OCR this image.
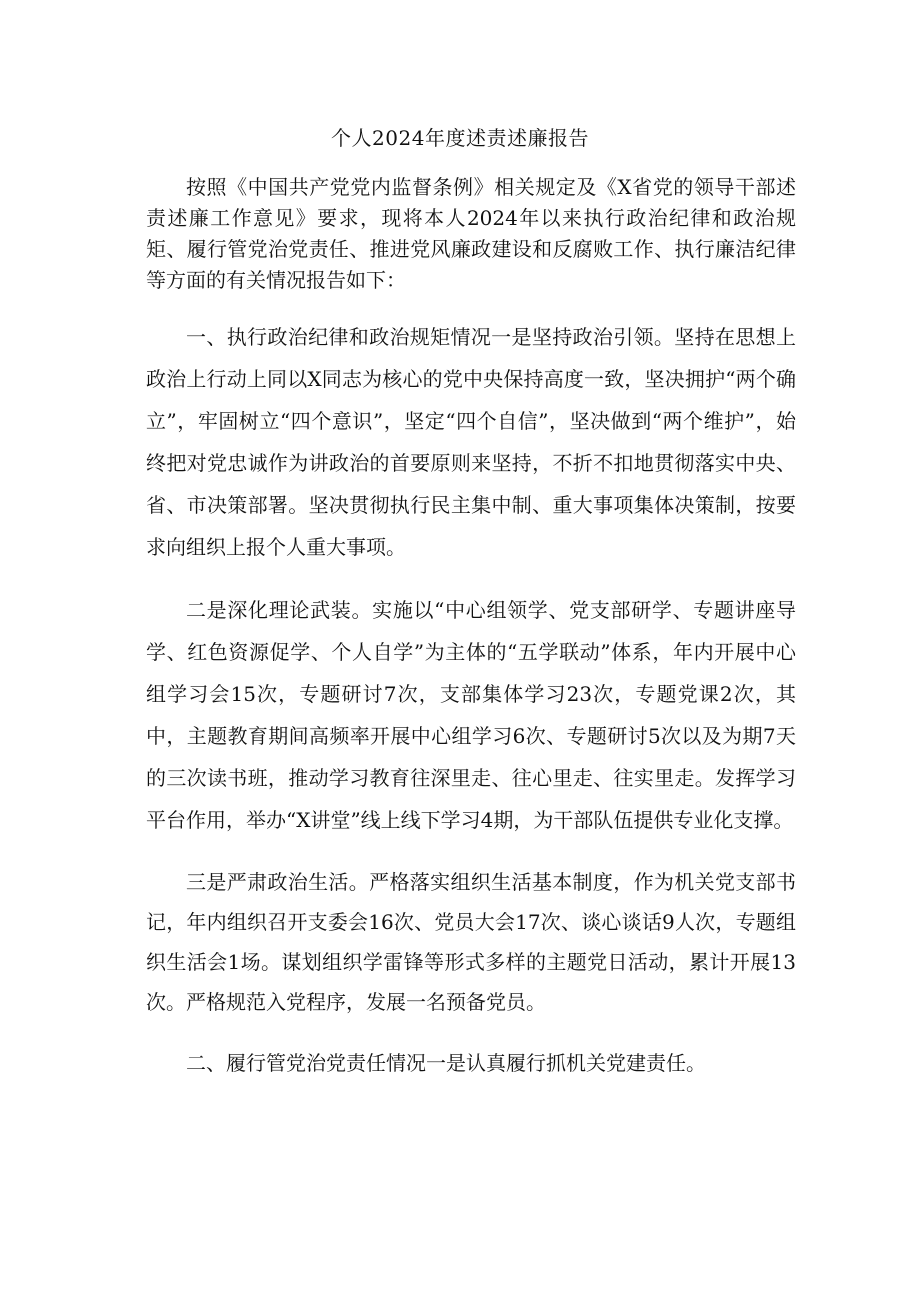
个人2024年度述责述廉报告

按照《中国共产党党内监督条例》相关规定及《X省党的领导干部述责述廉工作意见》要求，现将本人2024年以来执行政治纪律和政治规矩、履行管党治党责任、推进党风廉政建设和反腐败工作、执行廉洁纪律等方面的有关情况报告如下：

一、执行政治纪律和政治规矩情况一是坚持政治引领。坚持在思想上政治上行动上同以X同志为核心的党中央保持高度一致，坚决拥护“两个确立”，牢固树立“四个意识”，坚定“四个自信”，坚决做到“两个维护”，始终把对党忠诚作为讲政治的首要原则来坚持，不折不扣地贯彻落实中央、省、市决策部署。坚决贯彻执行民主集中制、重大事项集体决策制，按要求向组织上报个人重大事项。

二是深化理论武装。实施以“中心组领学、党支部研学、专题讲座导学、红色资源促学、个人自学”为主体的“五学联动”体系，年内开展中心组学习会15次，专题研讨7次，支部集体学习23次，专题党课2次，其中，主题教育期间高频率开展中心组学习6次、专题研讨5次以及为期7天的三次读书班，推动学习教育往深里走、往心里走、往实里走。发挥学习平台作用，举办“X讲堂”线上线下学习4期，为干部队伍提供专业化支撑。

三是严肃政治生活。严格落实组织生活基本制度，作为机关党支部书记，年内组织召开支委会16次、党员大会17次、谈心谈话9人次，专题组织生活会1场。谋划组织学雷锋等形式多样的主题党日活动，累计开展13次。严格规范入党程序，发展一名预备党员。

二、履行管党治党责任情况一是认真履行抓机关党建责任。
